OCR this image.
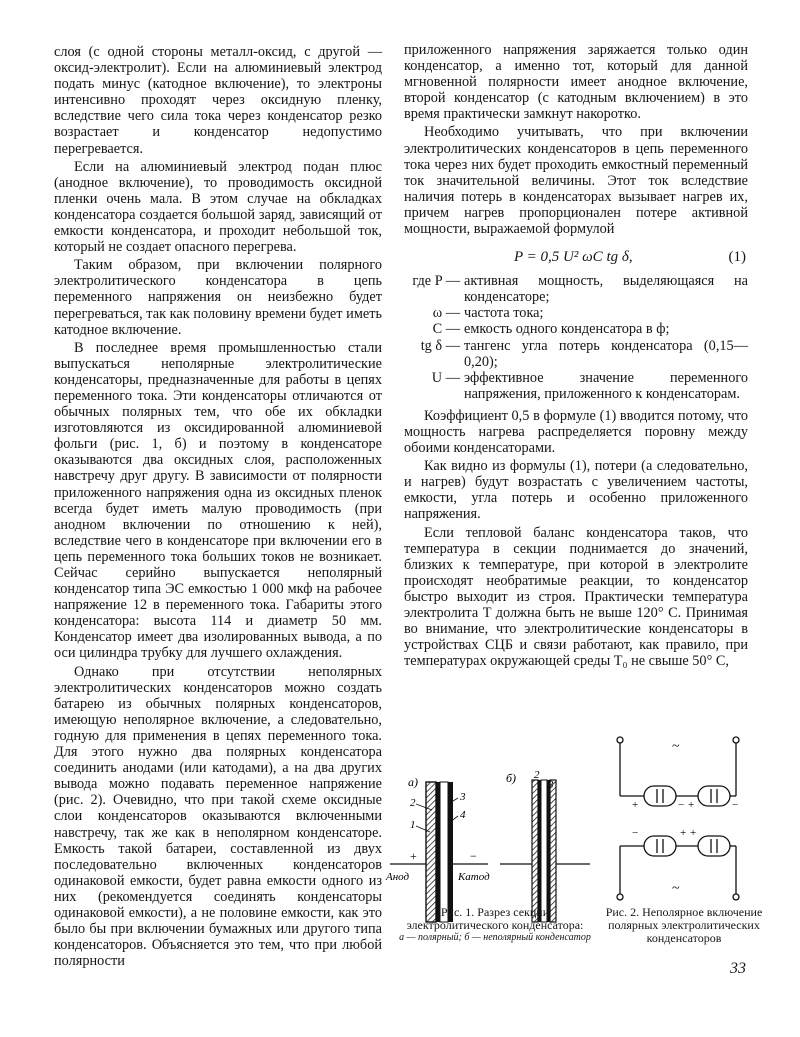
слоя (с одной стороны металл-оксид, с другой — оксид-электролит). Если на алюминиевый электрод подать минус (катодное включение), то электроны интенсивно проходят через оксидную пленку, вследствие чего сила тока через конденсатор резко возрастает и конденсатор недопустимо перегревается.

Если на алюминиевый электрод подан плюс (анодное включение), то проводимость оксидной пленки очень мала. В этом случае на обкладках конденсатора создается большой заряд, зависящий от емкости конденсатора, и проходит небольшой ток, который не создает опасного перегрева.

Таким образом, при включении полярного электролитического конденсатора в цепь переменного напряжения он неизбежно будет перегреваться, так как половину времени будет иметь катодное включение.

В последнее время промышленностью стали выпускаться неполярные электролитические конденсаторы, предназначенные для работы в цепях переменного тока. Эти конденсаторы отличаются от обычных полярных тем, что обе их обкладки изготовляются из оксидированной алюминиевой фольги (рис. 1, б) и поэтому в конденсаторе оказываются два оксидных слоя, расположенных навстречу друг другу. В зависимости от полярности приложенного напряжения одна из оксидных пленок всегда будет иметь малую проводимость (при анодном включении по отношению к ней), вследствие чего в конденсаторе при включении его в цепь переменного тока больших токов не возникает. Сейчас серийно выпускается неполярный конденсатор типа ЭС емкостью 1 000 мкф на рабочее напряжение 12 в переменного тока. Габариты этого конденсатора: высота 114 и диаметр 50 мм. Конденсатор имеет два изолированных вывода, а по оси цилиндра трубку для лучшего охлаждения.

Однако при отсутствии неполярных электролитических конденсаторов можно создать батарею из обычных полярных конденсаторов, имеющую неполярное включение, а следовательно, годную для применения в цепях переменного тока. Для этого нужно два полярных конденсатора соединить анодами (или катодами), а на два других вывода можно подавать переменное напряжение (рис. 2). Очевидно, что при такой схеме оксидные слои конденсаторов оказываются включенными навстречу, так же как в неполярном конденсаторе. Емкость такой батареи, составленной из двух последовательно включенных конденсаторов одинаковой емкости, будет равна емкости одного из них (рекомендуется соединять конденсаторы одинаковой емкости), а не половине емкости, как это было бы при включении бумажных или другого типа конденсаторов. Объясняется это тем, что при любой полярности

приложенного напряжения заряжается только один конденсатор, а именно тот, который для данной мгновенной полярности имеет анодное включение, второй конденсатор (с катодным включением) в это время практически замкнут накоротко.

Необходимо учитывать, что при включении электролитических конденсаторов в цепь переменного тока через них будет проходить емкостный переменный ток значительной величины. Этот ток вследствие наличия потерь в конденсаторах вызывает нагрев их, причем нагрев пропорционален потере активной мощности, выражаемой формулой

P = 0,5 U² ωC tg δ,	(1)
где P — активная мощность, выделяющаяся на конденсаторе;
ω — частота тока;
C — емкость одного конденсатора в ф;
tg δ — тангенс угла потерь конденсатора (0,15—0,20);
U — эффективное значение переменного напряжения, приложенного к конденсаторам.

Коэффициент 0,5 в формуле (1) вводится потому, что мощность нагрева распределяется поровну между обоими конденсаторами.

Как видно из формулы (1), потери (а следовательно, и нагрев) будут возрастать с увеличением частоты, емкости, угла потерь и особенно приложенного напряжения.

Если тепловой баланс конденсатора таков, что температура в секции поднимается до значений, близких к температуре, при которой в электролите происходят необратимые реакции, то конденсатор быстро выходит из строя. Практически температура электролита T должна быть не выше 120° С. Принимая во внимание, что электролитические конденсаторы в устройствах СЦБ и связи работают, как правило, при температурах окружающей среды T₀ не свыше 50° С,

а)
2	3
1
4
+	−
Анод	Катод
б) 2
3
~
+	− +	−
+ +
−
~
Рис. 1. Разрез секции электролитического конденсатора:
а — полярный; б — неполярный конденсатор
Рис. 2. Неполярное включение полярных электролитических конденсаторов
33
